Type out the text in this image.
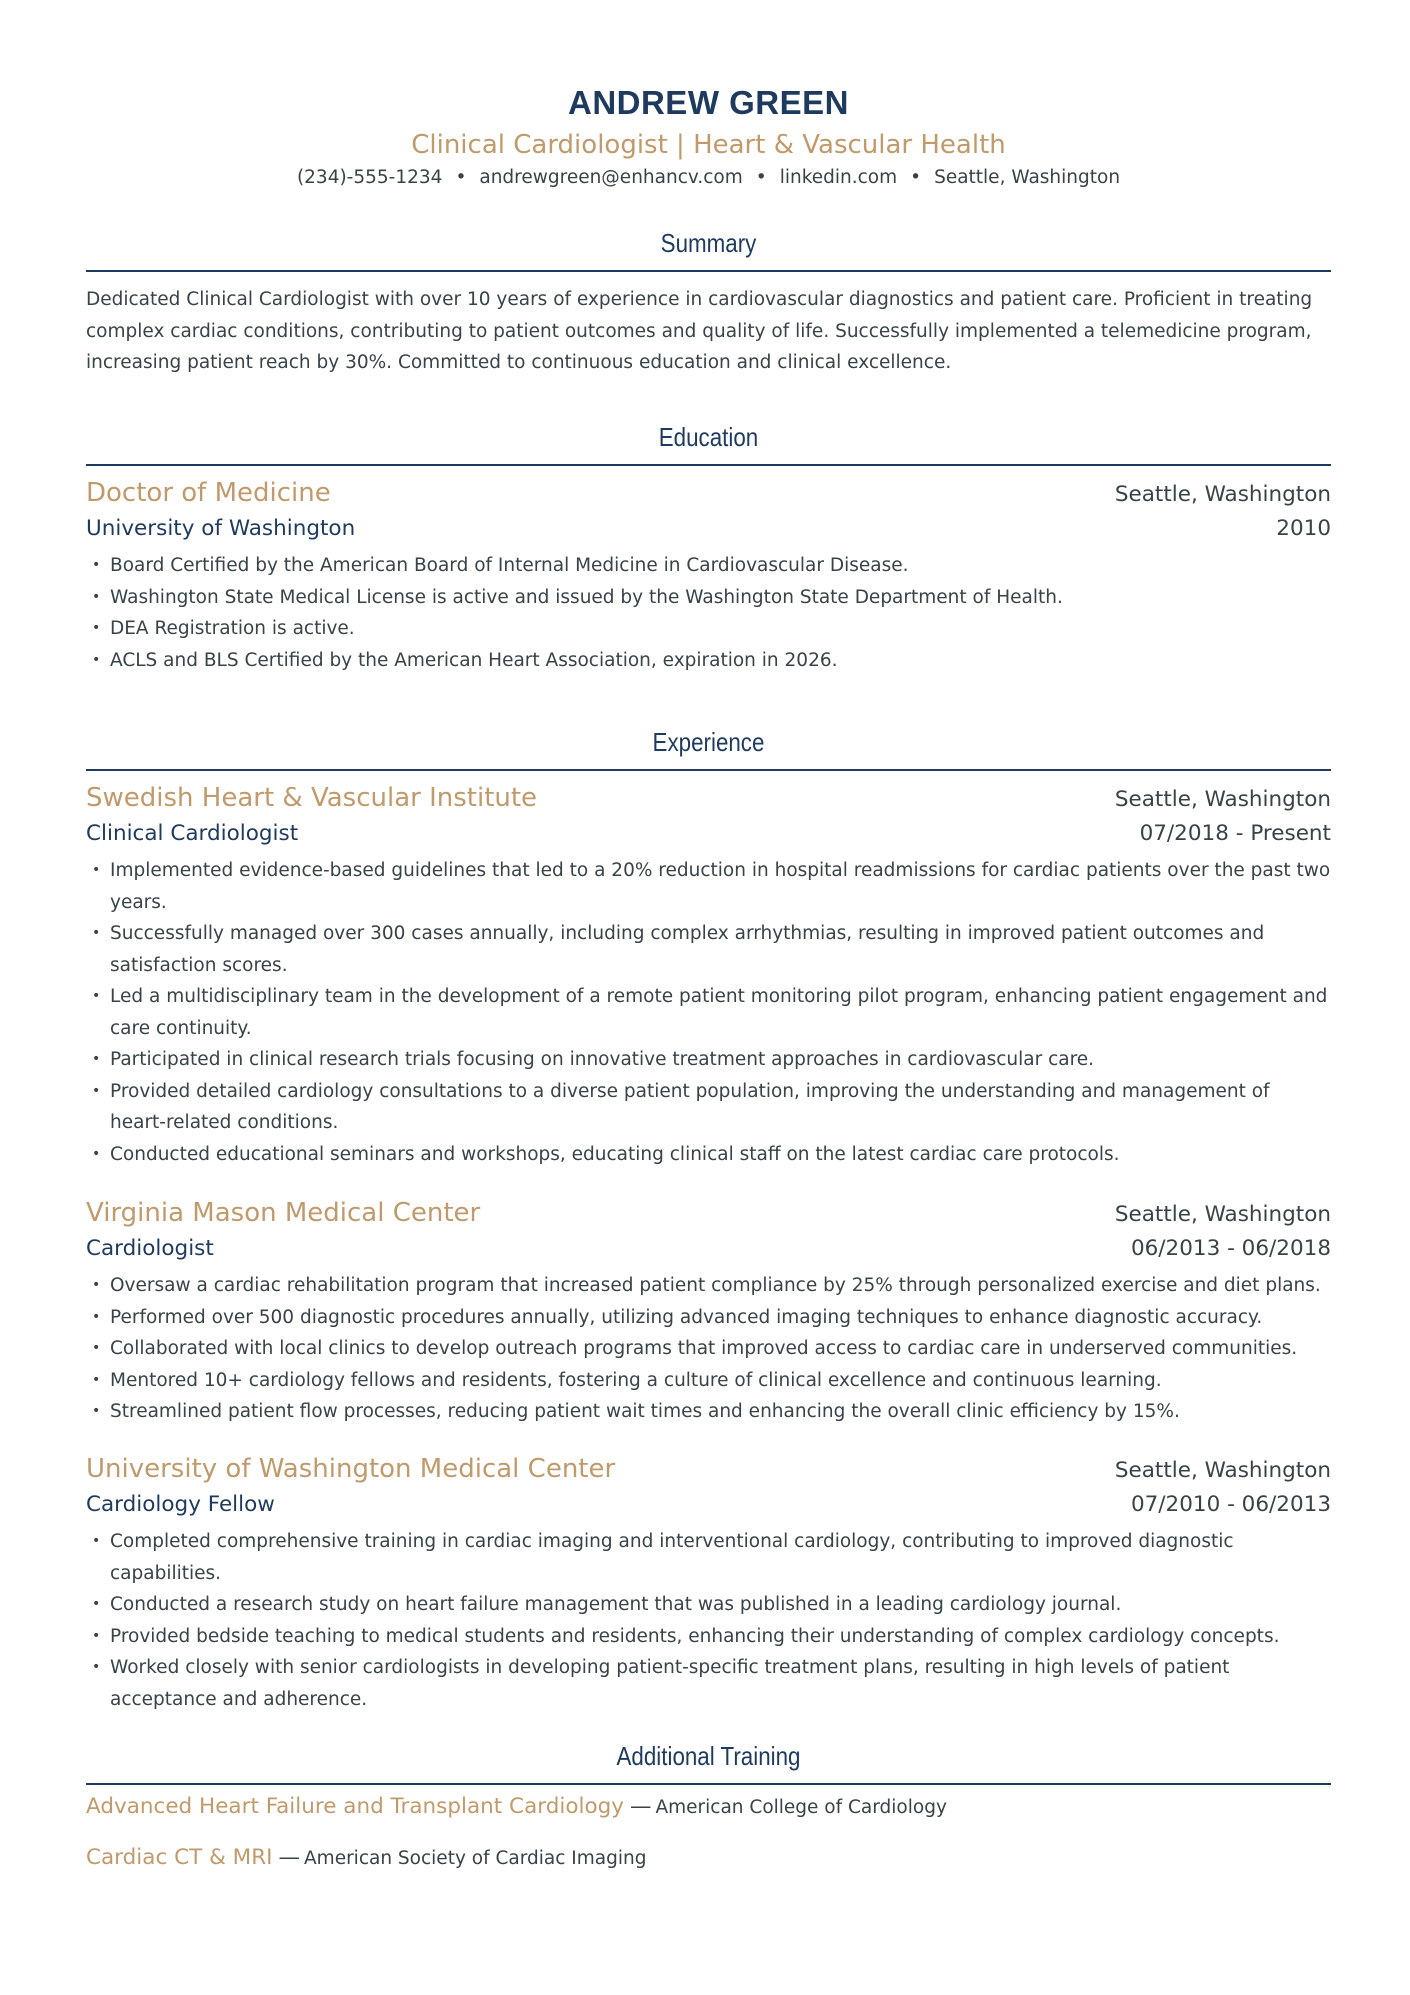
ANDREW GREEN
Clinical Cardiologist | Heart & Vascular Health
(234)-555-1234 • andrewgreen@enhancv.com • linkedin.com • Seattle, Washington
Summary
Dedicated Clinical Cardiologist with over 10 years of experience in cardiovascular diagnostics and patient care. Proficient in treating complex cardiac conditions, contributing to patient outcomes and quality of life. Successfully implemented a telemedicine program, increasing patient reach by 30%. Committed to continuous education and clinical excellence.
Education
Doctor of Medicine	Seattle, Washington
University of Washington	2010
• Board Certified by the American Board of Internal Medicine in Cardiovascular Disease.
• Washington State Medical License is active and issued by the Washington State Department of Health.
• DEA Registration is active.
• ACLS and BLS Certified by the American Heart Association, expiration in 2026.
Experience
Swedish Heart & Vascular Institute	Seattle, Washington
Clinical Cardiologist	07/2018 - Present
• Implemented evidence-based guidelines that led to a 20% reduction in hospital readmissions for cardiac patients over the past two years.
• Successfully managed over 300 cases annually, including complex arrhythmias, resulting in improved patient outcomes and satisfaction scores.
• Led a multidisciplinary team in the development of a remote patient monitoring pilot program, enhancing patient engagement and care continuity.
• Participated in clinical research trials focusing on innovative treatment approaches in cardiovascular care.
• Provided detailed cardiology consultations to a diverse patient population, improving the understanding and management of heart-related conditions.
• Conducted educational seminars and workshops, educating clinical staff on the latest cardiac care protocols.
Virginia Mason Medical Center	Seattle, Washington
Cardiologist	06/2013 - 06/2018
• Oversaw a cardiac rehabilitation program that increased patient compliance by 25% through personalized exercise and diet plans.
• Performed over 500 diagnostic procedures annually, utilizing advanced imaging techniques to enhance diagnostic accuracy.
• Collaborated with local clinics to develop outreach programs that improved access to cardiac care in underserved communities.
• Mentored 10+ cardiology fellows and residents, fostering a culture of clinical excellence and continuous learning.
• Streamlined patient flow processes, reducing patient wait times and enhancing the overall clinic efficiency by 15%.
University of Washington Medical Center	Seattle, Washington
Cardiology Fellow	07/2010 - 06/2013
• Completed comprehensive training in cardiac imaging and interventional cardiology, contributing to improved diagnostic capabilities.
• Conducted a research study on heart failure management that was published in a leading cardiology journal.
• Provided bedside teaching to medical students and residents, enhancing their understanding of complex cardiology concepts.
• Worked closely with senior cardiologists in developing patient-specific treatment plans, resulting in high levels of patient acceptance and adherence.
Additional Training
Advanced Heart Failure and Transplant Cardiology — American College of Cardiology
Cardiac CT & MRI — American Society of Cardiac Imaging
